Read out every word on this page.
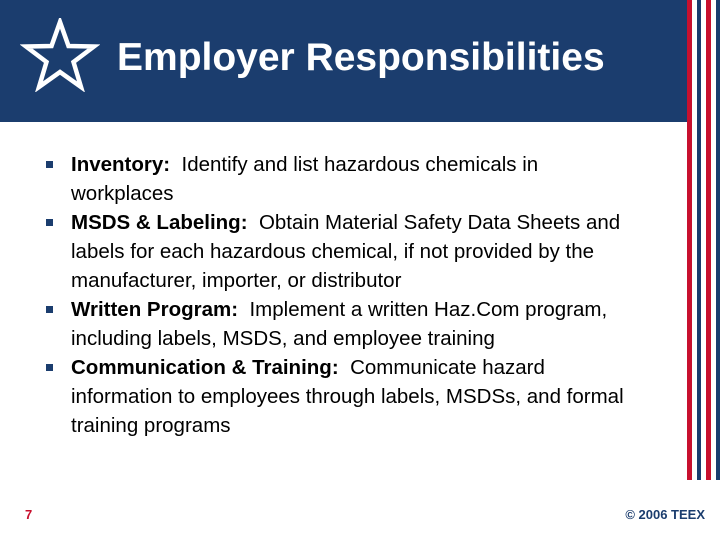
Employer Responsibilities
Inventory: Identify and list hazardous chemicals in workplaces
MSDS & Labeling: Obtain Material Safety Data Sheets and labels for each hazardous chemical, if not provided by the manufacturer, importer, or distributor
Written Program: Implement a written Haz.Com program, including labels, MSDS, and employee training
Communication & Training: Communicate hazard information to employees through labels, MSDSs, and formal training programs
7	© 2006 TEEX
